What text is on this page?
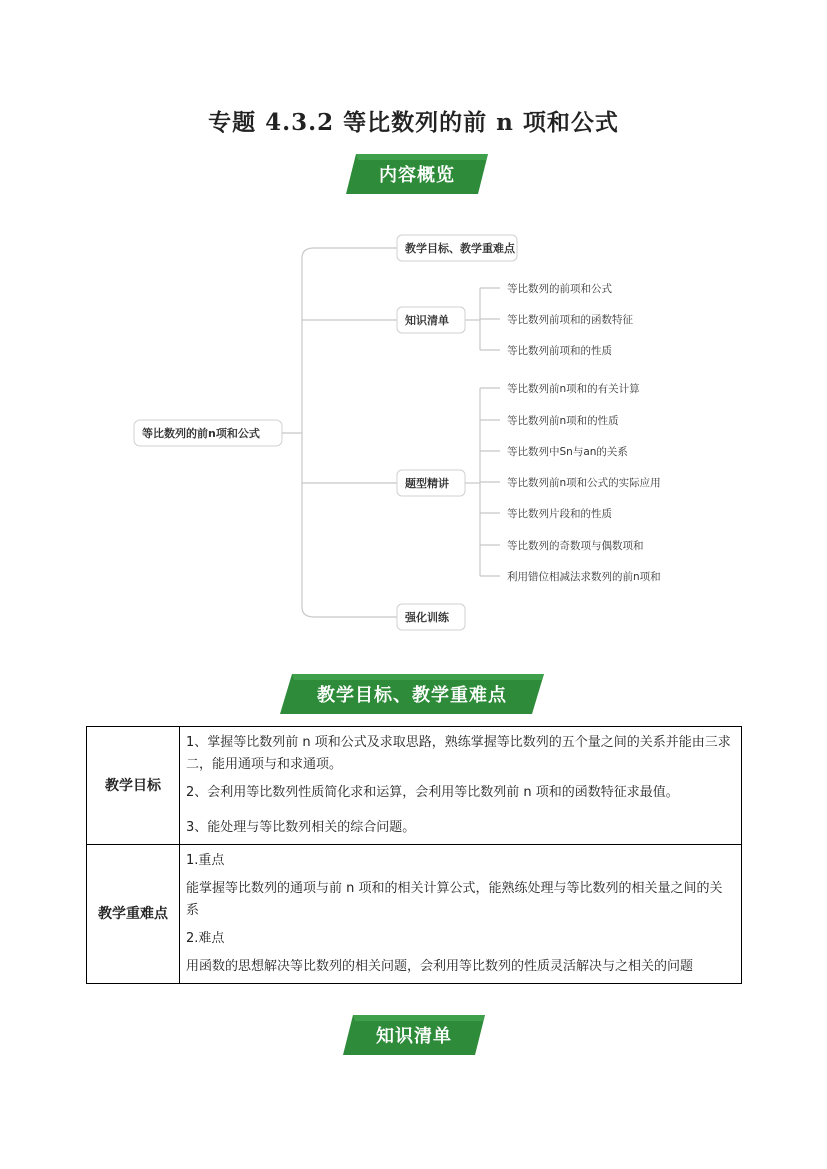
专题 4.3.2 等比数列的前 n 项和公式
内容概览
等比数列的前n项和公式
教学目标、教学重难点
知识清单
等比数列的前项和公式
等比数列前项和的函数特征
等比数列前项和的性质
题型精讲
等比数列前n项和的有关计算
等比数列前n项和的性质
等比数列中Sn与an的关系
等比数列前n项和公式的实际应用
等比数列片段和的性质
等比数列的奇数项与偶数项和
利用错位相减法求数列的前n项和
强化训练
教学目标、教学重难点
教学目标	1、掌握等比数列前 n 项和公式及求取思路，熟练掌握等比数列的五个量之间的关系并能由三求二，能用通项与和求通项。

2、会利用等比数列性质简化求和运算，会利用等比数列前 n 项和的函数特征求最值。

3、能处理与等比数列相关的综合问题。

教学重难点	1.重点

能掌握等比数列的通项与前 n 项和的相关计算公式，能熟练处理与等比数列的相关量之间的关系

2.难点

用函数的思想解决等比数列的相关问题，会利用等比数列的性质灵活解决与之相关的问题

知识清单
